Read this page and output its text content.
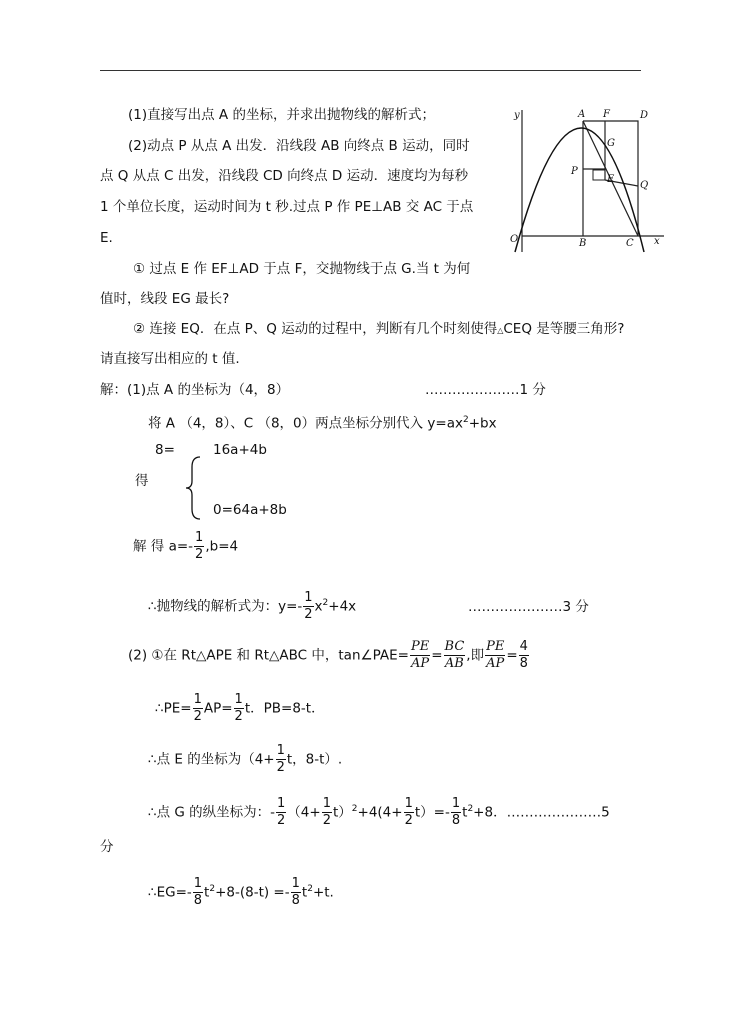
(1)直接写出点 A 的坐标，并求出抛物线的解析式；
(2)动点 P 从点 A 出发．沿线段 AB 向终点 B 运动，同时
点 Q 从点 C 出发，沿线段 CD 向终点 D 运动．速度均为每秒
1 个单位长度，运动时间为 t 秒.过点 P 作 PE⊥AB 交 AC 于点
E.
① 过点 E 作 EF⊥AD 于点 F，交抛物线于点 G.当 t 为何
值时，线段 EG 最长?
② 连接 EQ．在点 P、Q 运动的过程中，判断有几个时刻使得△CEQ 是等腰三角形?
请直接写出相应的 t 值.
y
x
O
A F	D
G
P
E
Q
B	C
解：(1)点 A 的坐标为（4，8）	…………………1 分
将 A （4，8）、C （8，0）两点坐标分别代入 $y=ax^2+bx$
8=	16a+4b
得
0=64a+8b
解 得 $a=- \frac{1}{2} ,b=4$
∴抛物线的解析式为：$y=- \frac{1}{2} x^2+4x$	…………………3 分
(2) ①在 Rt△APE 和 Rt△ABC 中，tan∠PAE= $\frac{PE}{AP} = \frac{BC}{AB}$ ,即 $\frac{PE}{AP} = \frac{4}{8}$
∴PE= $\frac{1}{2} AP= \frac{1}{2}$ t．PB=8-t．
∴点 E 的坐标为（$4+ \frac{1}{2}$ t，8-t）.
∴点 G 的纵坐标为：- $\frac{1}{2} (4+ \frac{1}{2} t)^2+4(4+ \frac{1}{2} t)=- \frac{1}{8} t^2+8$．…………………5
分
∴EG=- $\frac{1}{8} t^2+8-(8-t) =- \frac{1}{8} t^2+t$.
